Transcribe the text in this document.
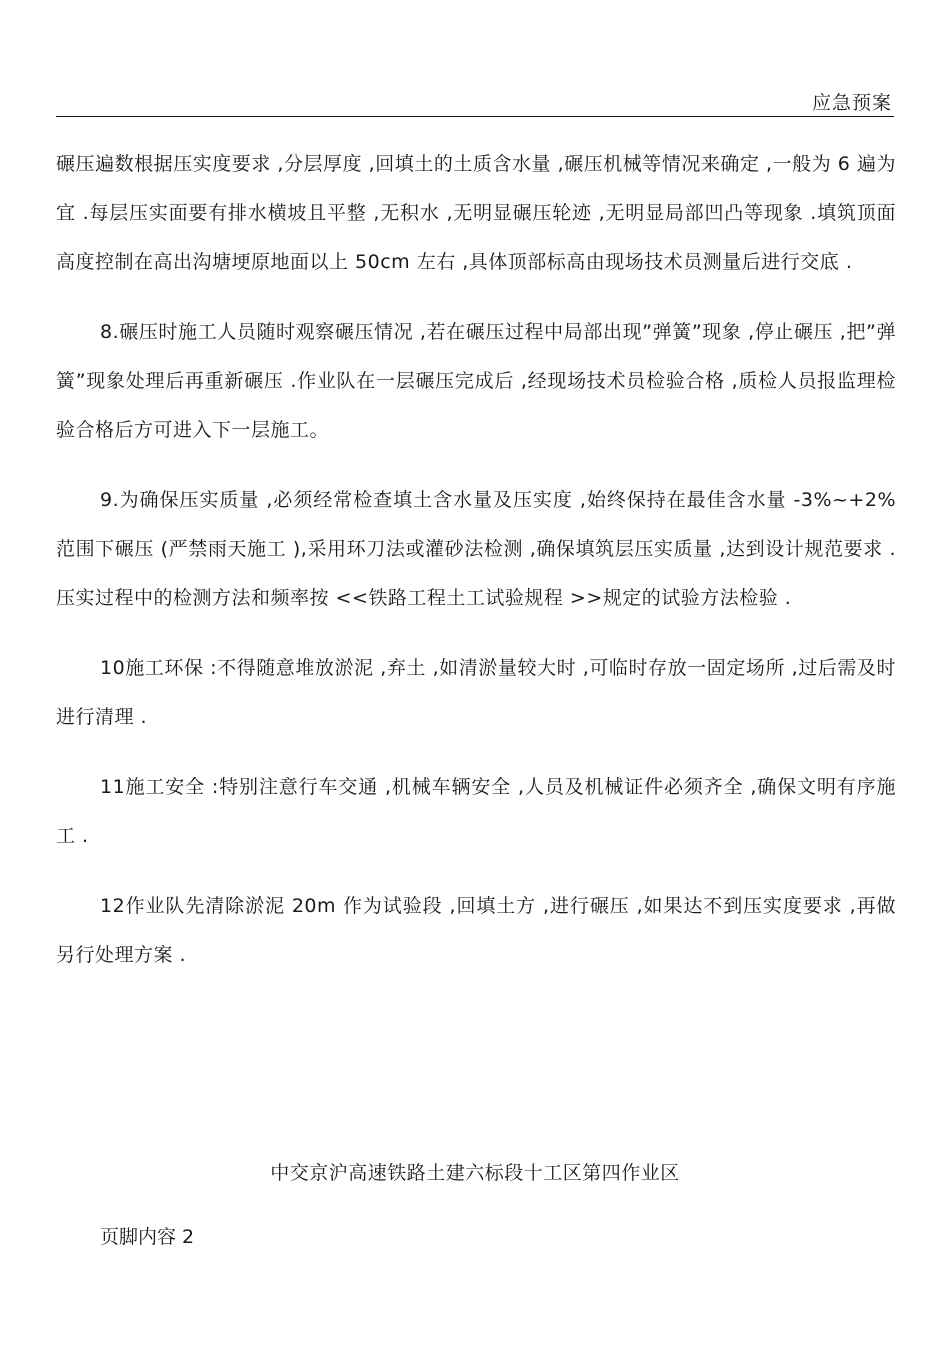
应急预案

碾压遍数根据压实度要求 ,分层厚度 ,回填土的土质含水量 ,碾压机械等情况来确定 ,一般为 6 遍为宜 .每层压实面要有排水横坡且平整 ,无积水 ,无明显碾压轮迹 ,无明显局部凹凸等现象 .填筑顶面高度控制在高出沟塘埂原地面以上 50cm 左右 ,具体顶部标高由现场技术员测量后进行交底 .

8.碾压时施工人员随时观察碾压情况 ,若在碾压过程中局部出现”弹簧”现象 ,停止碾压 ,把”弹簧”现象处理后再重新碾压 .作业队在一层碾压完成后 ,经现场技术员检验合格 ,质检人员报监理检验合格后方可进入下一层施工。

9.为确保压实质量 ,必须经常检查填土含水量及压实度 ,始终保持在最佳含水量 -3%~+2%范围下碾压 (严禁雨天施工 ),采用环刀法或灌砂法检测 ,确保填筑层压实质量 ,达到设计规范要求 .压实过程中的检测方法和频率按 <<铁路工程土工试验规程 >>规定的试验方法检验 .

10施工环保 :不得随意堆放淤泥 ,弃土 ,如清淤量较大时 ,可临时存放一固定场所 ,过后需及时进行清理 .

11施工安全 :特别注意行车交通 ,机械车辆安全 ,人员及机械证件必须齐全 ,确保文明有序施工 .

12作业队先清除淤泥 20m 作为试验段 ,回填土方 ,进行碾压 ,如果达不到压实度要求 ,再做另行处理方案 .

中交京沪高速铁路土建六标段十工区第四作业区
页脚内容 2
